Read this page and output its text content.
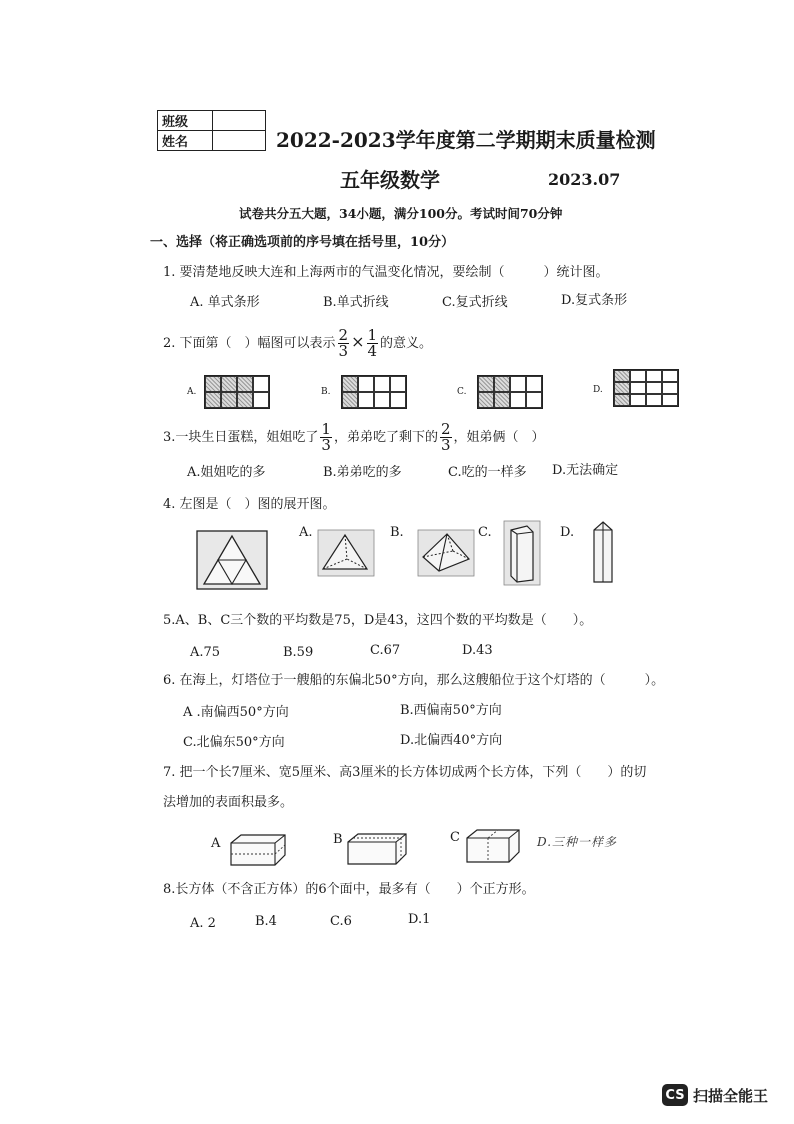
班级	
姓名		2022-2023学年度第二学期期末质量检测
五年级数学	2023.07
试卷共分五大题，34小题，满分100分。考试时间70分钟
一、选择（将正确选项前的序号填在括号里，10分）
1. 要清楚地反映大连和上海两市的气温变化情况，要绘制（　　　）统计图。
A. 单式条形	B.单式折线	C.复式折线	D.复式条形
2. 下面第（　）幅图可以表示 $\frac{2}{3} \times \frac{1}{4}$ 的意义。
A.	B.	C.	D.
3.一块生日蛋糕，姐姐吃了 $\frac{1}{3}$ ，弟弟吃了剩下的 $\frac{2}{3}$ ，姐弟俩（　）
A.姐姐吃的多	B.弟弟吃的多	C.吃的一样多 D.无法确定
4. 左图是（　）图的展开图。
A.	B.	C.	D.
5.A、B、C三个数的平均数是75，D是43，这四个数的平均数是（　　）。
A.75	B.59	C.67	D.43
6. 在海上，灯塔位于一艘船的东偏北50°方向，那么这艘船位于这个灯塔的（　　　）。
A .南偏西50°方向	B.西偏南50°方向
C.北偏东50°方向	D.北偏西40°方向
7. 把一个长7厘米、宽5厘米、高3厘米的长方体切成两个长方体，下列（　　）的切
法增加的表面积最多。
A	B	C	D.三种一样多
8.长方体（不含正方体）的6个面中，最多有（　　）个正方形。
A. 2	B.4	C.6	D.1
CS 扫描全能王
